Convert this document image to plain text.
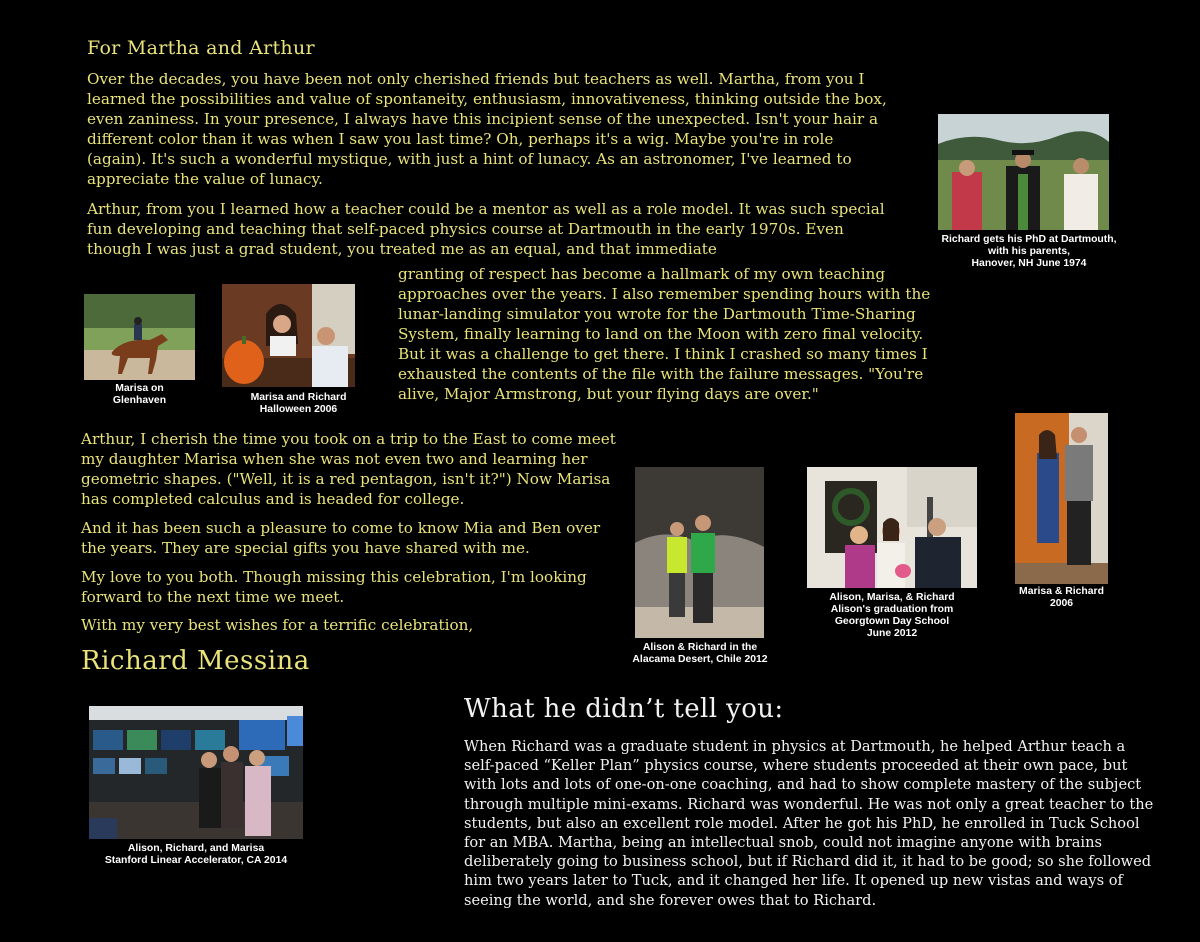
For Martha and Arthur

Over the decades, you have been not only cherished friends but teachers as well. Martha, from you I learned the possibilities and value of spontaneity, enthusiasm, innovativeness, thinking outside the box, even zaniness. In your presence, I always have this incipient sense of the unexpected. Isn't your hair a different color than it was when I saw you last time? Oh, perhaps it's a wig. Maybe you're in role (again). It's such a wonderful mystique, with just a hint of lunacy. As an astronomer, I've learned to appreciate the value of lunacy.

Arthur, from you I learned how a teacher could be a mentor as well as a role model. It was such special fun developing and teaching that self-paced physics course at Dartmouth in the early 1970s. Even though I was just a grad student, you treated me as an equal, and that immediate

granting of respect has become a hallmark of my own teaching approaches over the years. I also remember spending hours with the lunar-landing simulator you wrote for the Dartmouth Time-Sharing System, finally learning to land on the Moon with zero final velocity. But it was a challenge to get there. I think I crashed so many times I exhausted the contents of the file with the failure messages. "You're alive, Major Armstrong, but your flying days are over."

Arthur, I cherish the time you took on a trip to the East to come meet my daughter Marisa when she was not even two and learning her geometric shapes. ("Well, it is a red pentagon, isn't it?") Now Marisa has completed calculus and is headed for college.

And it has been such a pleasure to come to know Mia and Ben over the years. They are special gifts you have shared with me.

My love to you both. Though missing this celebration, I'm looking forward to the next time we meet.

With my very best wishes for a terrific celebration,

Richard Messina
Richard gets his PhD at Dartmouth,
with his parents,
Hanover, NH June 1974
Marisa on
Glenhaven	Marisa and Richard
Halloween 2006
Alison & Richard in the
Alacama Desert, Chile 2012
Alison, Marisa, & Richard
Alison's graduation from
Georgtown Day School
June 2012
Marisa & Richard
2006
Alison, Richard, and Marisa
Stanford Linear Accelerator, CA 2014
What he didn’t tell you:

When Richard was a graduate student in physics at Dartmouth, he helped Arthur teach a self-paced “Keller Plan” physics course, where students proceeded at their own pace, but with lots and lots of one-on-one coaching, and had to show complete mastery of the subject through multiple mini-exams. Richard was wonderful. He was not only a great teacher to the students, but also an excellent role model. After he got his PhD, he enrolled in Tuck School for an MBA. Martha, being an intellectual snob, could not imagine anyone with brains deliberately going to business school, but if Richard did it, it had to be good; so she followed him two years later to Tuck, and it changed her life. It opened up new vistas and ways of seeing the world, and she forever owes that to Richard.
